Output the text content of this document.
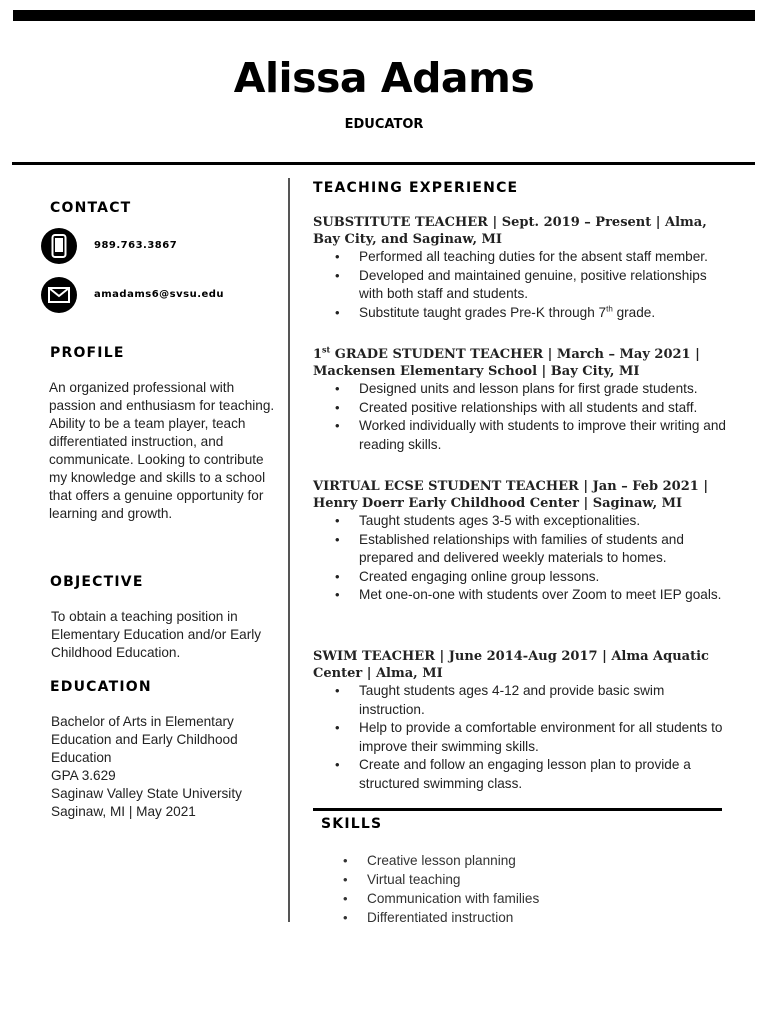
Alissa Adams
EDUCATOR
CONTACT
989.763.3867
amadams6@svsu.edu
PROFILE

An organized professional with passion and enthusiasm for teaching. Ability to be a team player, teach differentiated instruction, and communicate. Looking to contribute my knowledge and skills to a school that offers a genuine opportunity for learning and growth.

OBJECTIVE

To obtain a teaching position in Elementary Education and/or Early Childhood Education.

EDUCATION
Bachelor of Arts in Elementary Education and Early Childhood Education
GPA 3.629
Saginaw Valley State University
Saginaw, MI | May 2021
TEACHING EXPERIENCE

SUBSTITUTE TEACHER | Sept. 2019 – Present | Alma, Bay City, and Saginaw, MI

• Performed all teaching duties for the absent staff member.
• Developed and maintained genuine, positive relationships with both staff and students.
• Substitute taught grades Pre-K through 7th grade.

1st GRADE STUDENT TEACHER | March – May 2021 | Mackensen Elementary School | Bay City, MI

• Designed units and lesson plans for first grade students.
• Created positive relationships with all students and staff.
• Worked individually with students to improve their writing and reading skills.

VIRTUAL ECSE STUDENT TEACHER | Jan – Feb 2021 | Henry Doerr Early Childhood Center | Saginaw, MI

• Taught students ages 3-5 with exceptionalities.
• Established relationships with families of students and prepared and delivered weekly materials to homes.
• Created engaging online group lessons.
• Met one-on-one with students over Zoom to meet IEP goals.

SWIM TEACHER | June 2014-Aug 2017 | Alma Aquatic Center | Alma, MI

• Taught students ages 4-12 and provide basic swim instruction.
• Help to provide a comfortable environment for all students to improve their swimming skills.
• Create and follow an engaging lesson plan to provide a structured swimming class.
SKILLS
• Creative lesson planning
• Virtual teaching
• Communication with families
• Differentiated instruction
